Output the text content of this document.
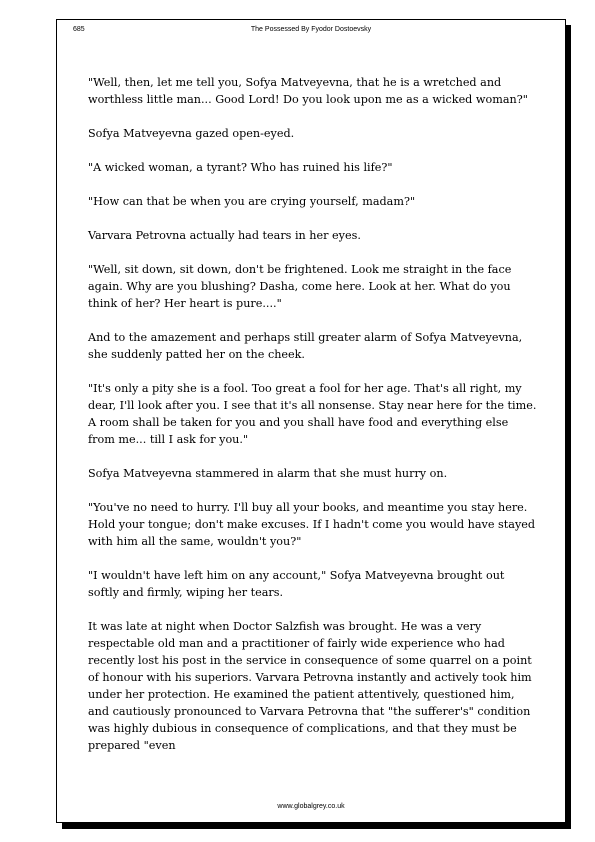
685	The Possessed By Fyodor Dostoevsky

"Well, then, let me tell you, Sofya Matveyevna, that he is a wretched and worthless little man... Good Lord! Do you look upon me as a wicked woman?"

Sofya Matveyevna gazed open-eyed.

"A wicked woman, a tyrant? Who has ruined his life?"

"How can that be when you are crying yourself, madam?"

Varvara Petrovna actually had tears in her eyes.

"Well, sit down, sit down, don't be frightened. Look me straight in the face again. Why are you blushing? Dasha, come here. Look at her. What do you think of her? Her heart is pure...."

And to the amazement and perhaps still greater alarm of Sofya Matveyevna, she suddenly patted her on the cheek.

"It's only a pity she is a fool. Too great a fool for her age. That's all right, my dear, I'll look after you. I see that it's all nonsense. Stay near here for the time. A room shall be taken for you and you shall have food and everything else from me... till I ask for you."

Sofya Matveyevna stammered in alarm that she must hurry on.

"You've no need to hurry. I'll buy all your books, and meantime you stay here. Hold your tongue; don't make excuses. If I hadn't come you would have stayed with him all the same, wouldn't you?"

"I wouldn't have left him on any account," Sofya Matveyevna brought out softly and firmly, wiping her tears.

It was late at night when Doctor Salzfish was brought. He was a very respectable old man and a practitioner of fairly wide experience who had recently lost his post in the service in consequence of some quarrel on a point of honour with his superiors. Varvara Petrovna instantly and actively took him under her protection. He examined the patient attentively, questioned him, and cautiously pronounced to Varvara Petrovna that "the sufferer's" condition was highly dubious in consequence of complications, and that they must be prepared "even

www.globalgrey.co.uk
